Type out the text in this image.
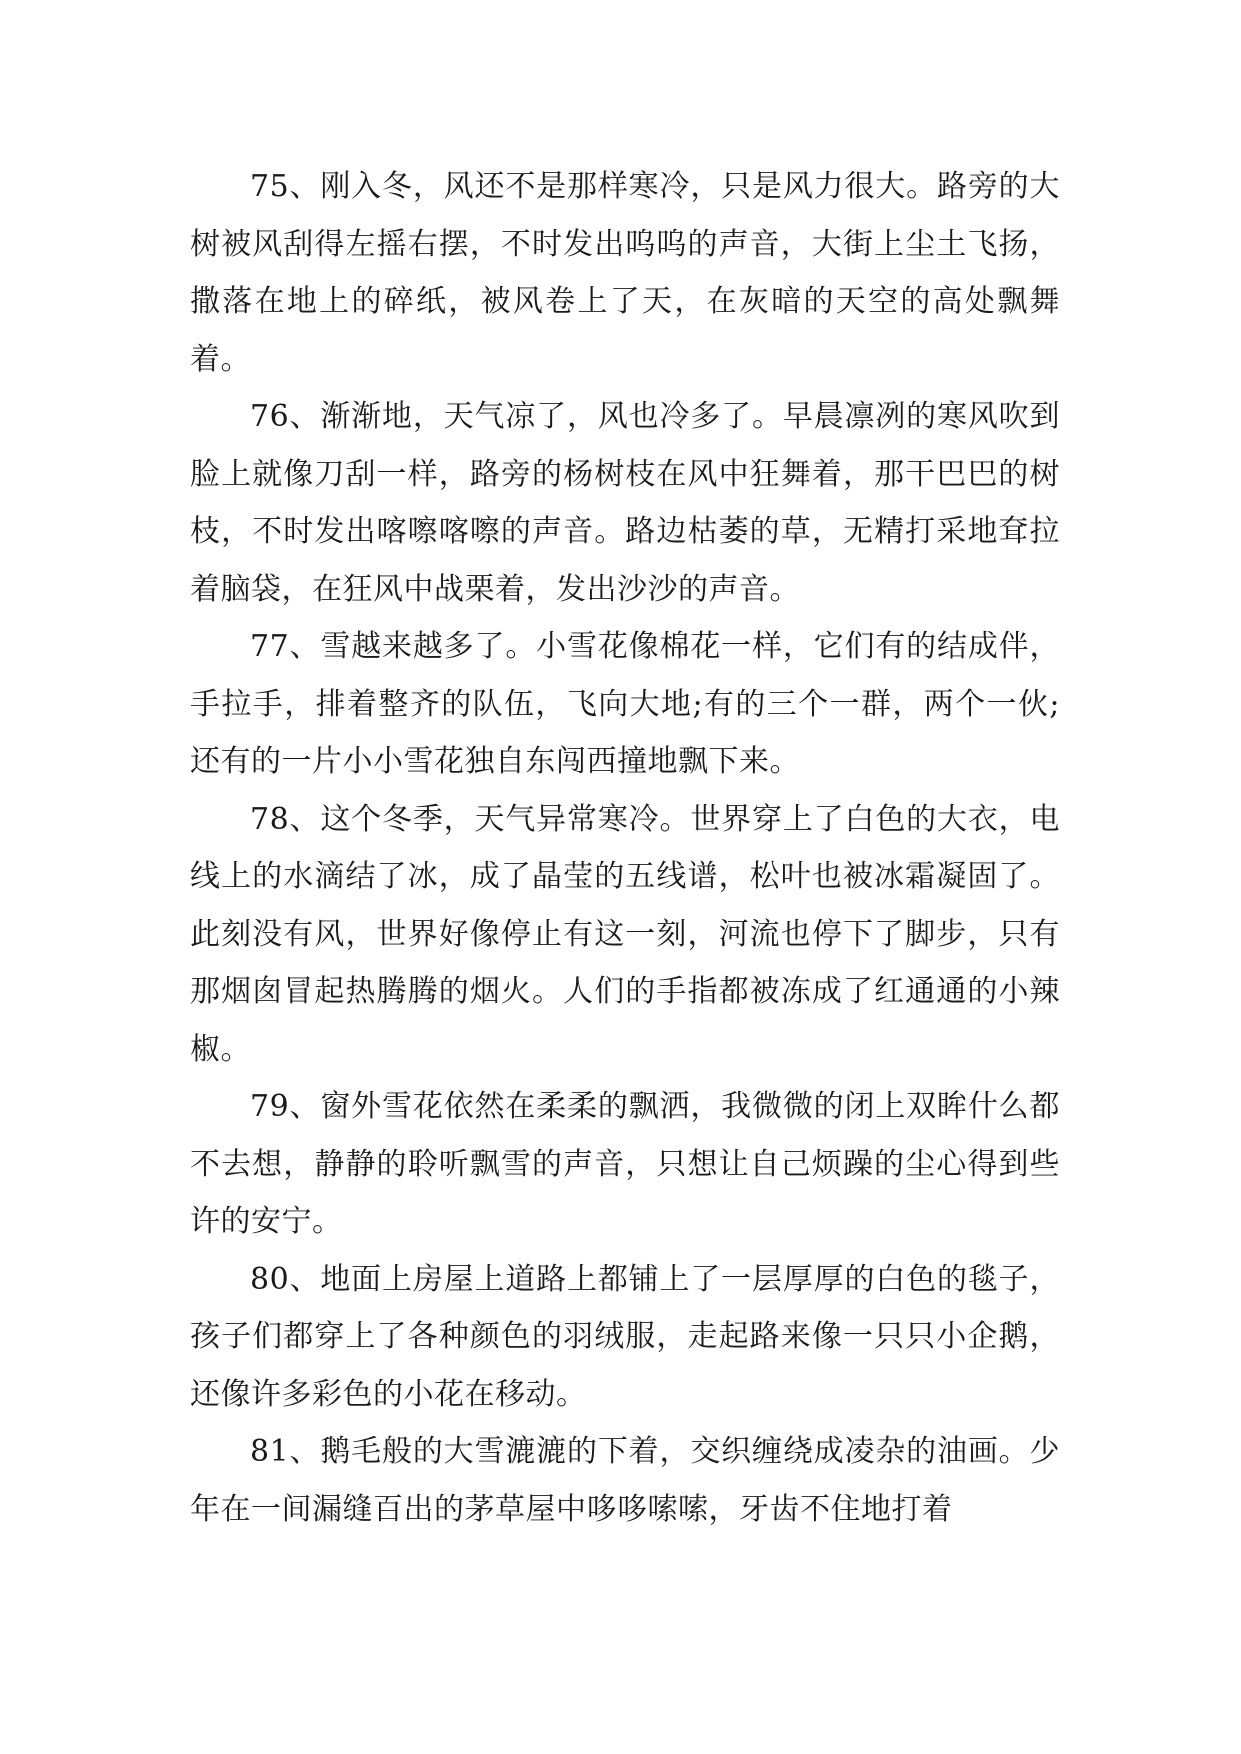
75、刚入冬，风还不是那样寒冷，只是风力很大。路旁的大树被风刮得左摇右摆，不时发出呜呜的声音，大街上尘土飞扬，撒落在地上的碎纸，被风卷上了天，在灰暗的天空的高处飘舞着。

76、渐渐地，天气凉了，风也冷多了。早晨凛冽的寒风吹到脸上就像刀刮一样，路旁的杨树枝在风中狂舞着，那干巴巴的树枝，不时发出喀嚓喀嚓的声音。路边枯萎的草，无精打采地耷拉着脑袋，在狂风中战栗着，发出沙沙的声音。

77、雪越来越多了。小雪花像棉花一样，它们有的结成伴，手拉手，排着整齐的队伍，飞向大地;有的三个一群，两个一伙;还有的一片小小雪花独自东闯西撞地飘下来。

78、这个冬季，天气异常寒冷。世界穿上了白色的大衣，电线上的水滴结了冰，成了晶莹的五线谱，松叶也被冰霜凝固了。此刻没有风，世界好像停止有这一刻，河流也停下了脚步，只有那烟囱冒起热腾腾的烟火。人们的手指都被冻成了红通通的小辣椒。

79、窗外雪花依然在柔柔的飘洒，我微微的闭上双眸什么都不去想，静静的聆听飘雪的声音，只想让自己烦躁的尘心得到些许的安宁。

80、地面上房屋上道路上都铺上了一层厚厚的白色的毯子，孩子们都穿上了各种颜色的羽绒服，走起路来像一只只小企鹅，还像许多彩色的小花在移动。

81、鹅毛般的大雪漉漉的下着，交织缠绕成凌杂的油画。少年在一间漏缝百出的茅草屋中哆哆嗦嗦，牙齿不住地打着
